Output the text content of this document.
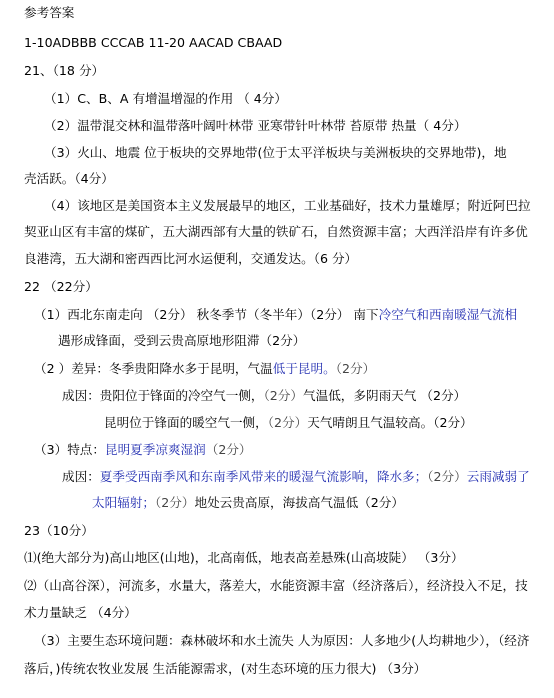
参考答案
1-10ADBBB CCCAB 11-20 AACAD CBAAD
21、（18 分）
（1）C、B、A 有增温增湿的作用 （ 4分）
（2）温带混交林和温带落叶阔叶林带 亚寒带针叶林带 苔原带 热量（ 4分）
（3）火山、地震 位于板块的交界地带(位于太平洋板块与美洲板块的交界地带)，地
壳活跃。（4分）
（4）该地区是美国资本主义发展最早的地区，工业基础好，技术力量雄厚；附近阿巴拉
契亚山区有丰富的煤矿，五大湖西部有大量的铁矿石，自然资源丰富；大西洋沿岸有许多优
良港湾，五大湖和密西西比河水运便利，交通发达。（6 分）
22 （22分）
（1）西北东南走向 （2分） 秋冬季节（冬半年）（2分） 南下冷空气和西南暖湿气流相
遇形成锋面，受到云贵高原地形阻滞（2分）
（2 ）差异：冬季贵阳降水多于昆明，气温低于昆明。（2分）
成因：贵阳位于锋面的冷空气一侧，（2分）气温低，多阴雨天气 （2分）
昆明位于锋面的暖空气一侧，（2分）天气晴朗且气温较高。（2分）
（3）特点：昆明夏季凉爽湿润（2分）
成因：夏季受西南季风和东南季风带来的暖湿气流影响，降水多；（2分）云雨减弱了
太阳辐射；（2分）地处云贵高原，海拔高气温低（2分）
23（10分）
⑴(绝大部分为)高山地区(山地)，北高南低，地表高差悬殊(山高坡陡） （3分）
⑵（山高谷深），河流多，水量大，落差大，水能资源丰富（经济落后），经济投入不足，技
术力量缺乏 （4分）
（3）主要生态环境问题：森林破坏和水土流失 人为原因：人多地少(人均耕地少），（经济
落后，)传统农牧业发展 生活能源需求，(对生态环境的压力很大) （3分）
